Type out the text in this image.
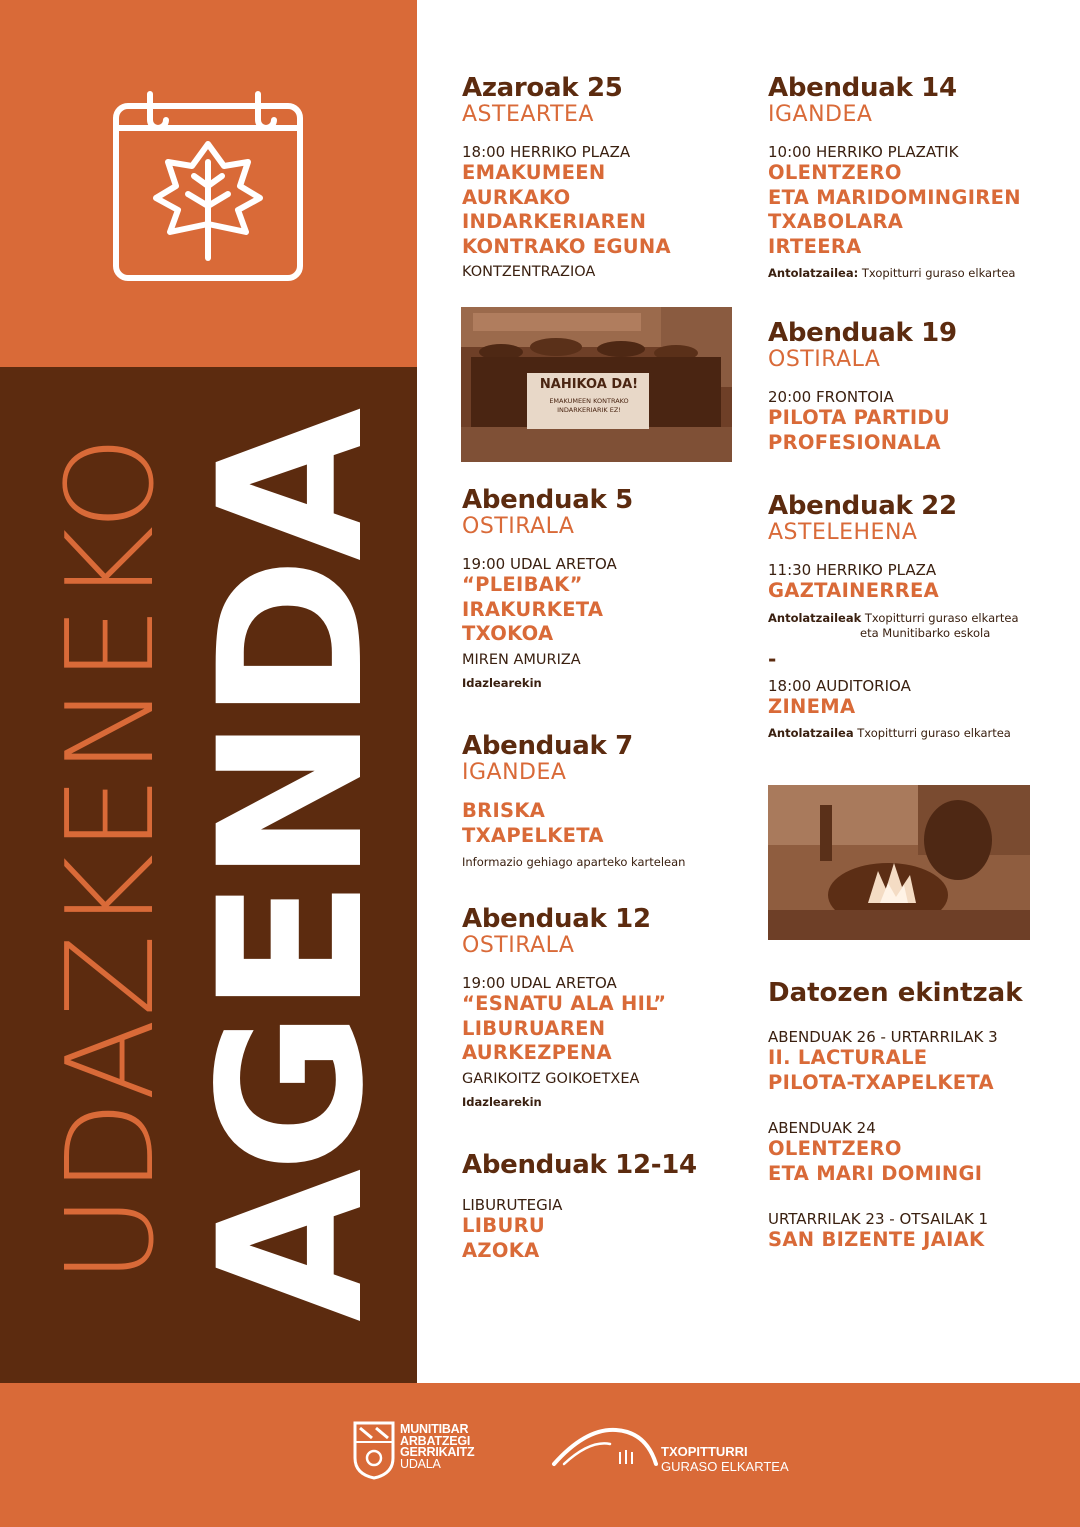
UDAZKENEKO
AGENDA
Azaroak 25
ASTEARTEA
18:00 HERRIKO PLAZA
EMAKUMEEN
AURKAKO
INDARKERIAREN
KONTRAKO EGUNA
KONTZENTRAZIOA
Abenduak 5
OSTIRALA
19:00 UDAL ARETOA
“PLEIBAK”
IRAKURKETA
TXOKOA
MIREN AMURIZA
Idazlearekin
Abenduak 7
IGANDEA
BRISKA
TXAPELKETA
Informazio gehiago aparteko kartelean
Abenduak 12
OSTIRALA
19:00 UDAL ARETOA
“ESNATU ALA HIL”
LIBURUAREN
AURKEZPENA
GARIKOITZ GOIKOETXEA
Idazlearekin
Abenduak 12-14
LIBURUTEGIA
LIBURU
AZOKA
NAHIKOA DA!
EMAKUMEEN KONTRAKO
INDARKERIARIK EZ!
Abenduak 14
IGANDEA
10:00 HERRIKO PLAZATIK
OLENTZERO
ETA MARIDOMINGIREN
TXABOLARA
IRTEERA
Antolatzailea: Txopitturri guraso elkartea
Abenduak 19
OSTIRALA
20:00 FRONTOIA
PILOTA PARTIDU
PROFESIONALA
Abenduak 22
ASTELEHENA
11:30 HERRIKO PLAZA
GAZTAINERREA
Antolatzaileak Txopitturri guraso elkartea
eta Munitibarko eskola
-
18:00 AUDITORIOA
ZINEMA
Antolatzailea Txopitturri guraso elkartea
Datozen ekintzak
ABENDUAK 26 - URTARRILAK 3
II. LACTURALE
PILOTA-TXAPELKETA
ABENDUAK 24
OLENTZERO
ETA MARI DOMINGI
URTARRILAK 23 - OTSAILAK 1
SAN BIZENTE JAIAK
MUNITIBAR
ARBATZEGI
GERRIKAITZ
UDALA
TXOPITTURRI
GURASO ELKARTEA
